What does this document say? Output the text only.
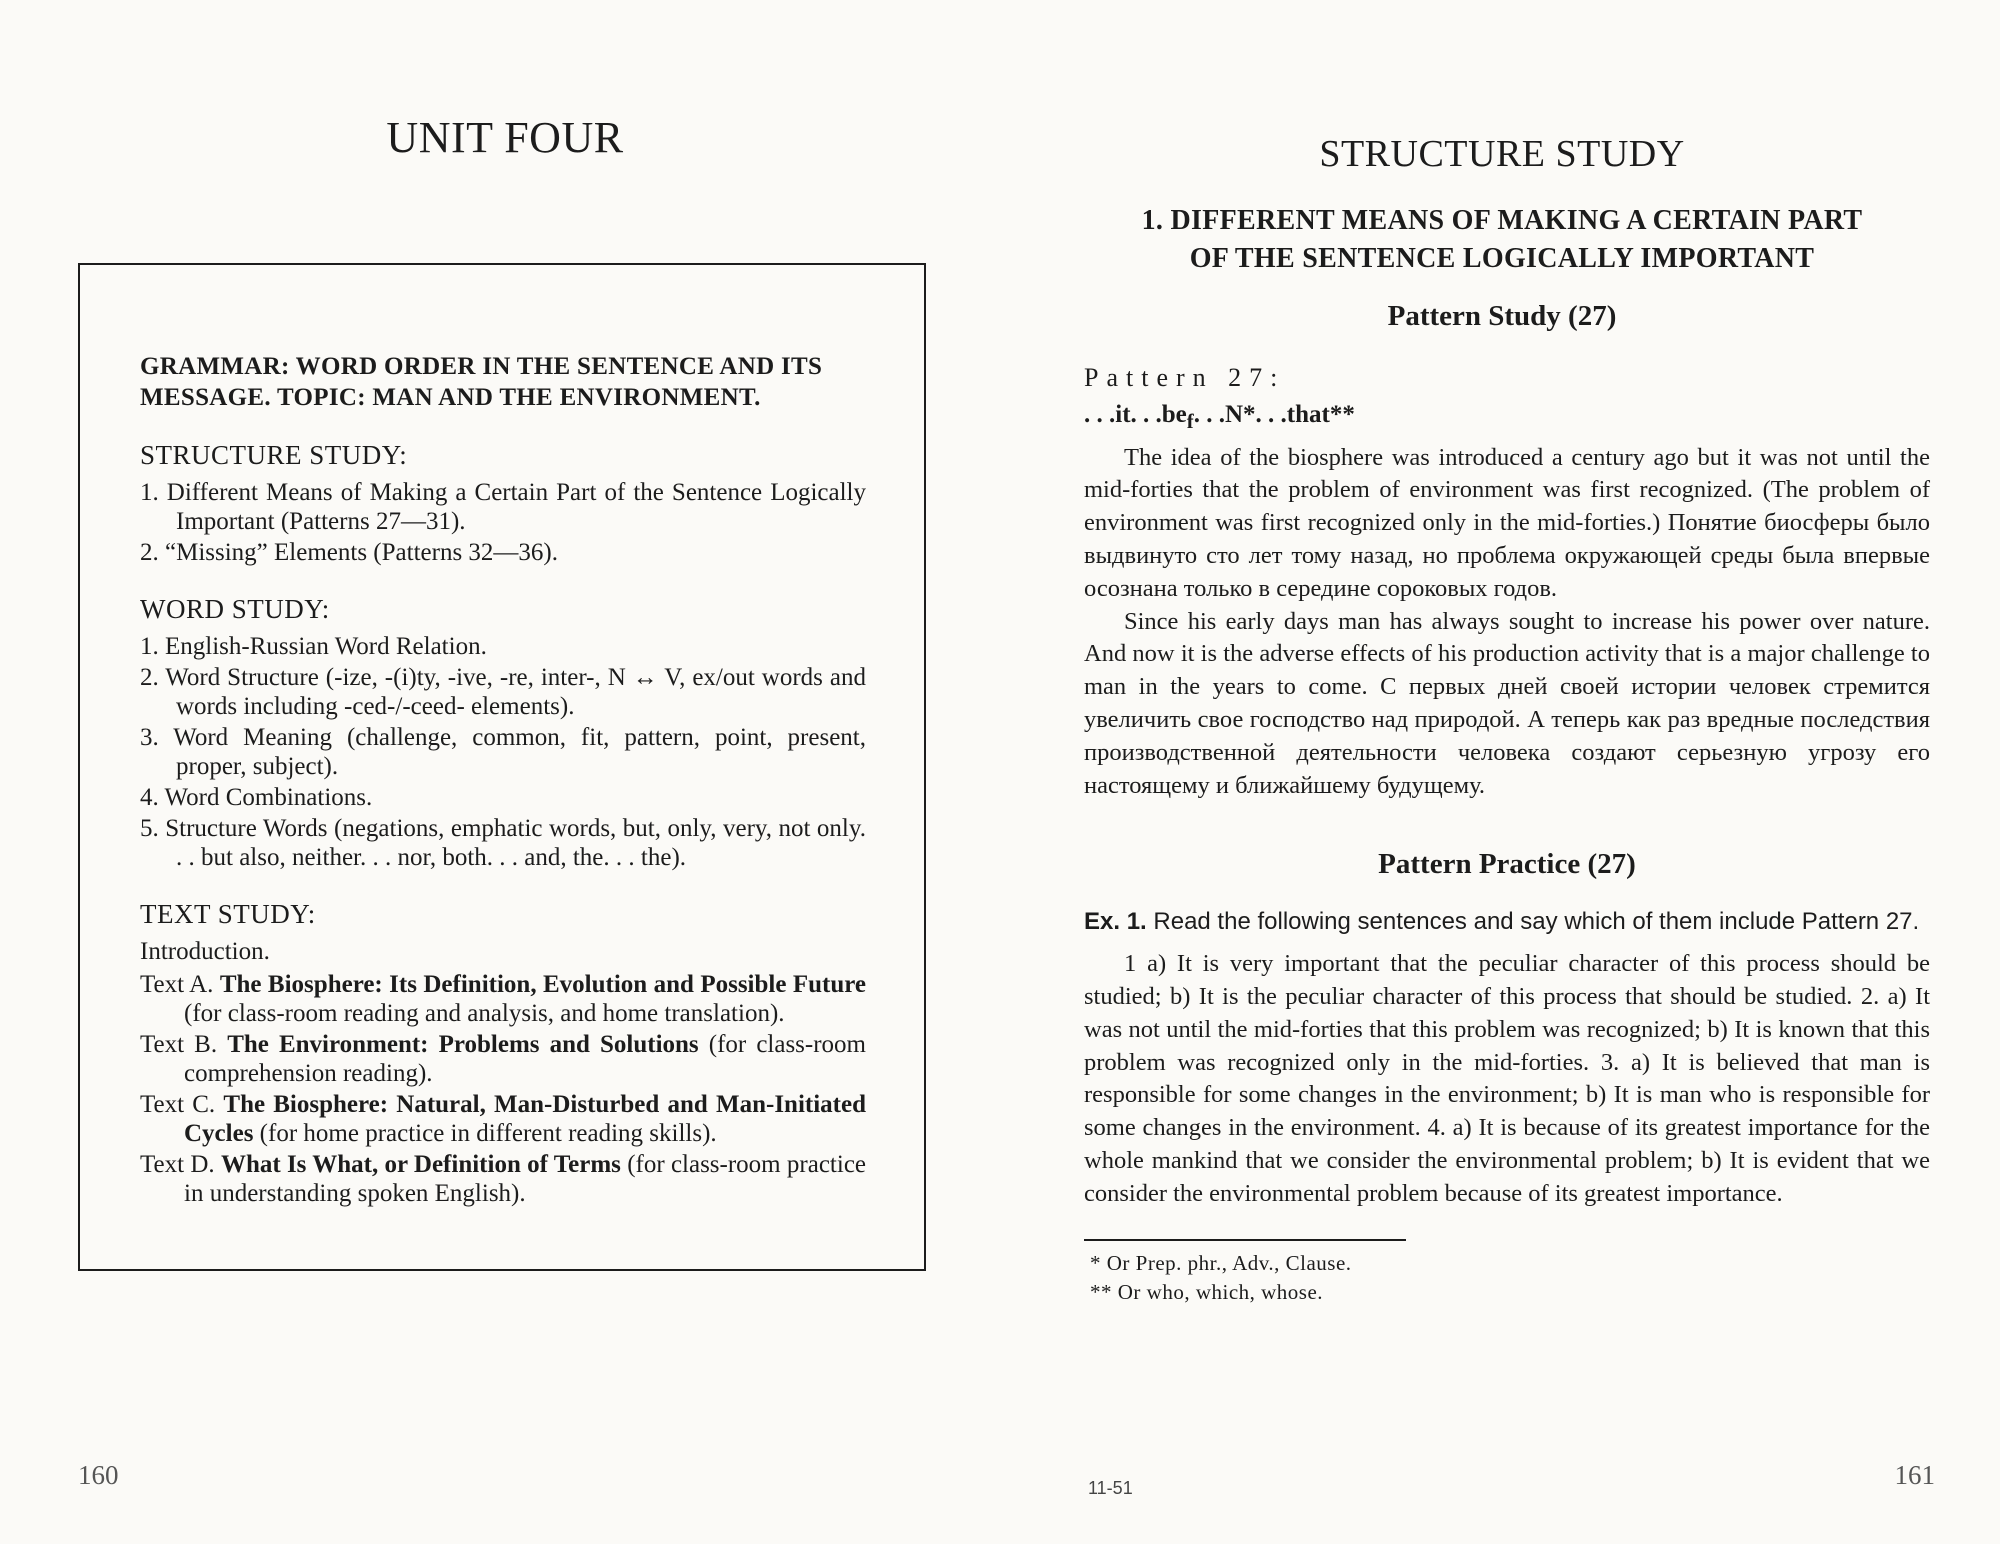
UNIT FOUR
GRAMMAR: WORD ORDER IN THE SENTENCE AND ITS
MESSAGE. TOPIC: MAN AND THE ENVIRONMENT.
STRUCTURE STUDY:
1. Different Means of Making a Certain Part of the Sentence Logically Important (Patterns 27—31).
2. “Missing” Elements (Patterns 32—36).
WORD STUDY:
1. English-Russian Word Relation.
2. Word Structure (-ize, -(i)ty, -ive, -re, inter-, N ↔ V, ex/out words and words including -ced-/-ceed- elements).
3. Word Meaning (challenge, common, fit, pattern, point, present, proper, subject).
4. Word Combinations.
5. Structure Words (negations, emphatic words, but, only, very, not only. . . but also, neither. . . nor, both. . . and, the. . . the).
TEXT STUDY:
Introduction.
Text A. The Biosphere: Its Definition, Evolution and Possible Future (for class-room reading and analysis, and home translation).
Text B. The Environment: Problems and Solutions (for class-room comprehension reading).
Text C. The Biosphere: Natural, Man-Disturbed and Man-Initiated Cycles (for home practice in different reading skills).
Text D. What Is What, or Definition of Terms (for class-room practice in understanding spoken English).
160
STRUCTURE STUDY
1. DIFFERENT MEANS OF MAKING A CERTAIN PART
OF THE SENTENCE LOGICALLY IMPORTANT
Pattern Study (27)
Pattern 27:
. . .it. . $.be_f$. . .N*. . .that**

The idea of the biosphere was introduced a century ago but it was not until the mid-forties that the problem of environment was first recognized. (The problem of environment was first recognized only in the mid-forties.) Понятие биосферы было выдвинуто сто лет тому назад, но проблема окружающей среды была впервые осознана только в середине сороковых годов.

Since his early days man has always sought to increase his power over nature. And now it is the adverse effects of his production activity that is a major challenge to man in the years to come. С первых дней своей истории человек стремится увеличить свое господство над природой. А теперь как раз вредные последствия производственной деятельности человека создают серьезную угрозу его настоящему и ближайшему будущему.

Pattern Practice (27)
Ex. 1. Read the following sentences and say which of them include Pattern 27.

1 a) It is very important that the peculiar character of this process should be studied; b) It is the peculiar character of this process that should be studied. 2. a) It was not until the mid-forties that this problem was recognized; b) It is known that this problem was recognized only in the mid-forties. 3. a) It is believed that man is responsible for some changes in the environment; b) It is man who is responsible for some changes in the environment. 4. a) It is because of its greatest importance for the whole mankind that we consider the environmental problem; b) It is evident that we consider the environmental problem because of its greatest importance.

* Or Prep. phr., Adv., Clause.
** Or who, which, whose.
11-51	161
